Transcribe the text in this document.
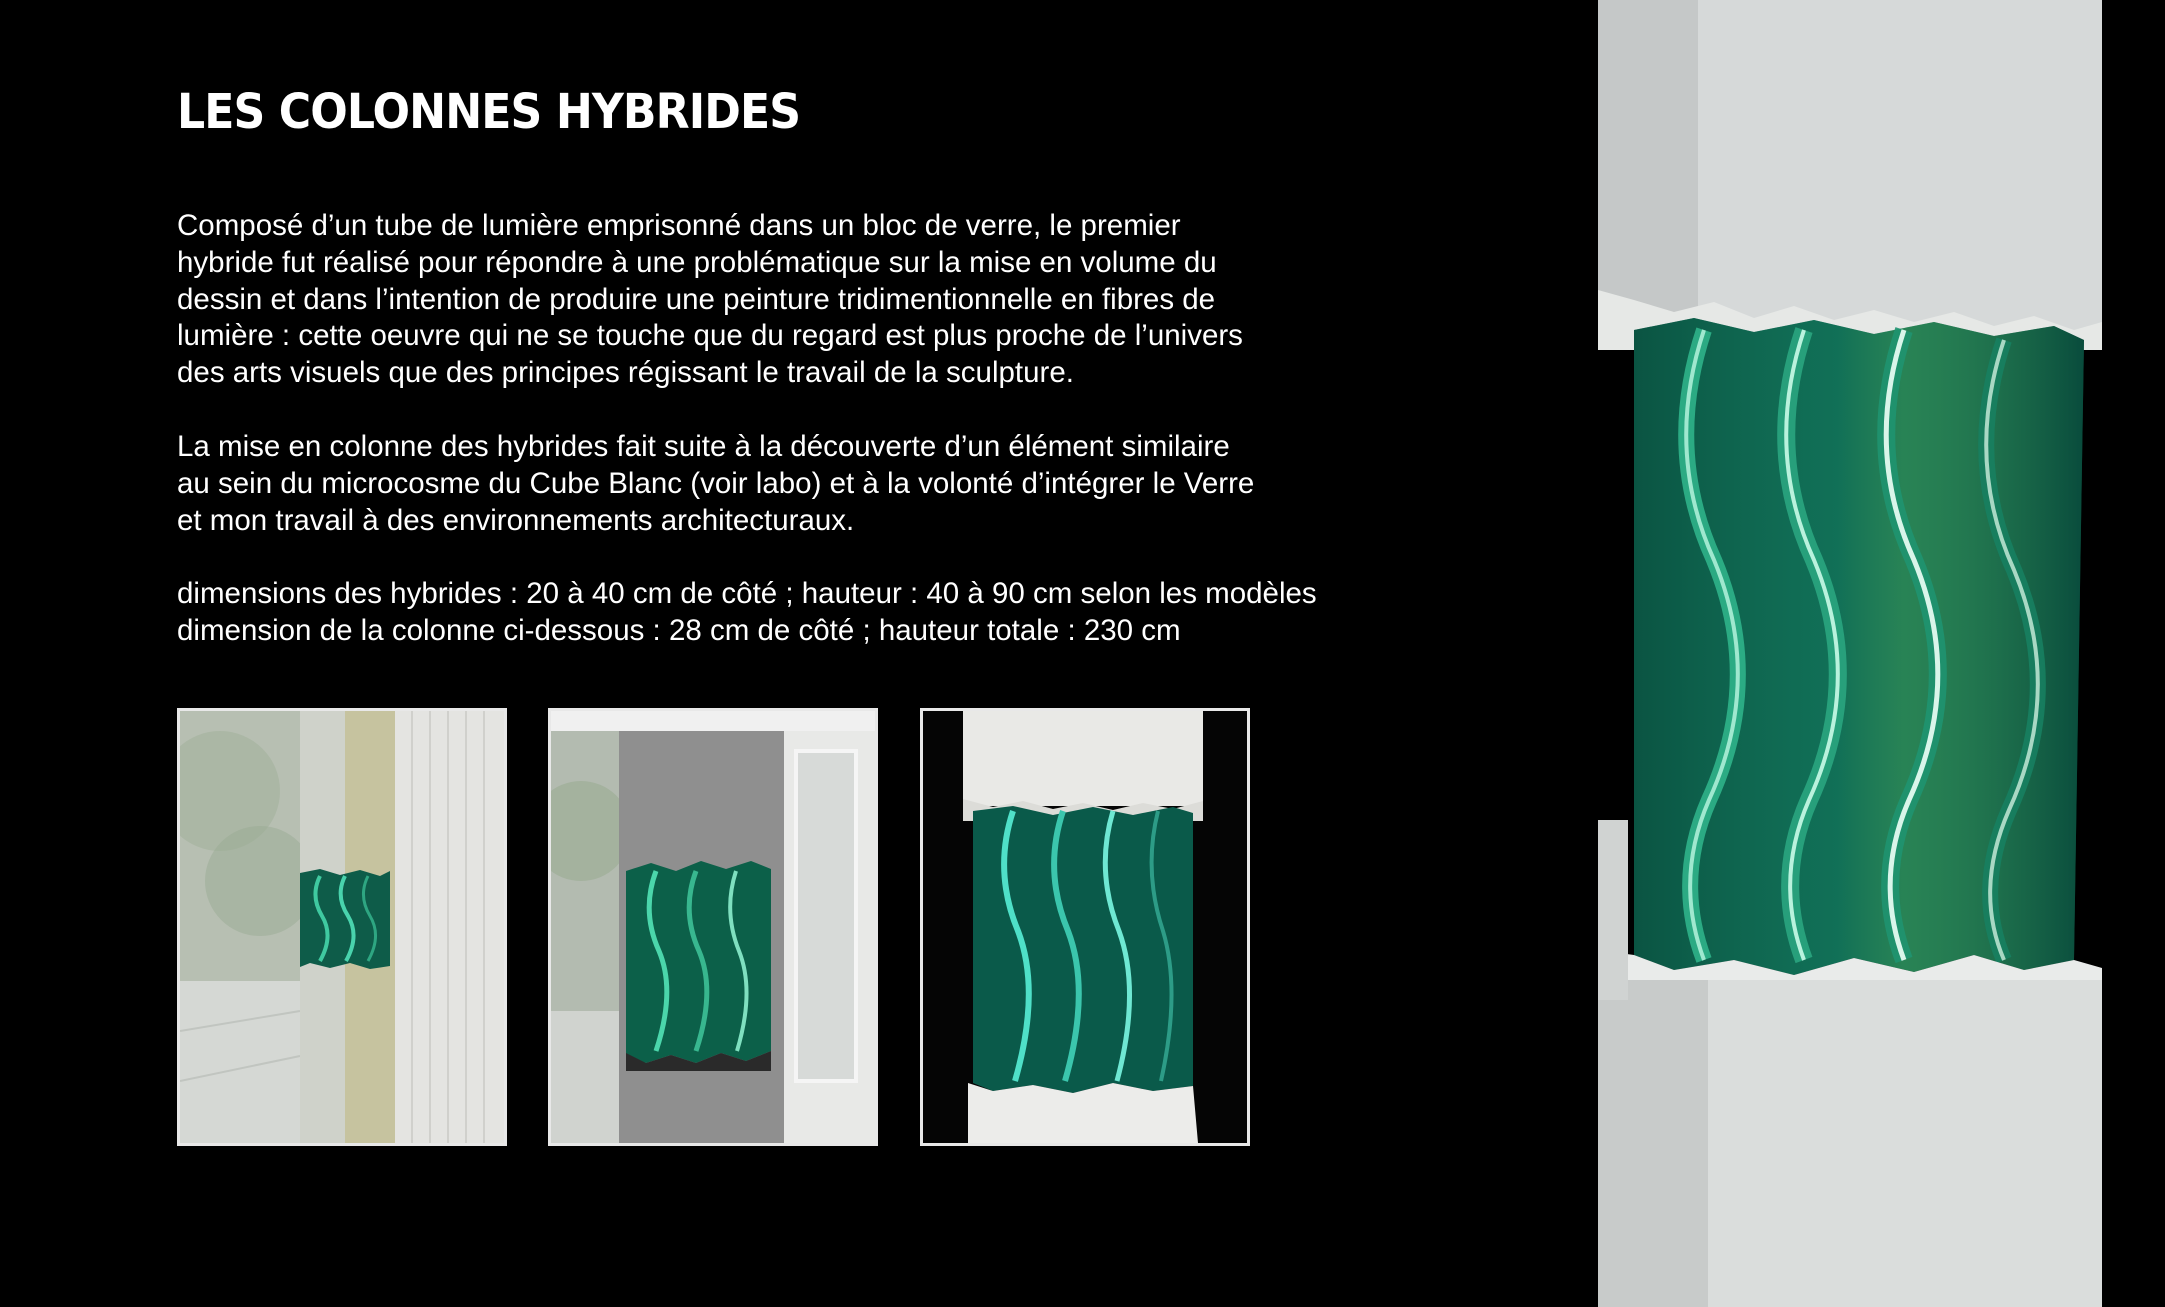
LES COLONNES HYBRIDES
Composé d’un tube de lumière emprisonné dans un bloc de verre, le premier
hybride fut réalisé pour répondre à une problématique sur la mise en volume du
dessin et dans l’intention de produire une peinture tridimentionnelle en fibres de
lumière : cette oeuvre qui ne se touche que du regard est plus proche de l’univers
des arts visuels que des principes régissant le travail de la sculpture.
La mise en colonne des hybrides fait suite à la découverte d’un élément similaire
au sein du microcosme du Cube Blanc (voir labo) et à la volonté d’intégrer le Verre
et mon travail à des environnements architecturaux.
dimensions des hybrides : 20 à 40 cm de côté ; hauteur : 40 à 90 cm selon les modèles
dimension de la colonne ci-dessous : 28 cm de côté ; hauteur totale : 230 cm
